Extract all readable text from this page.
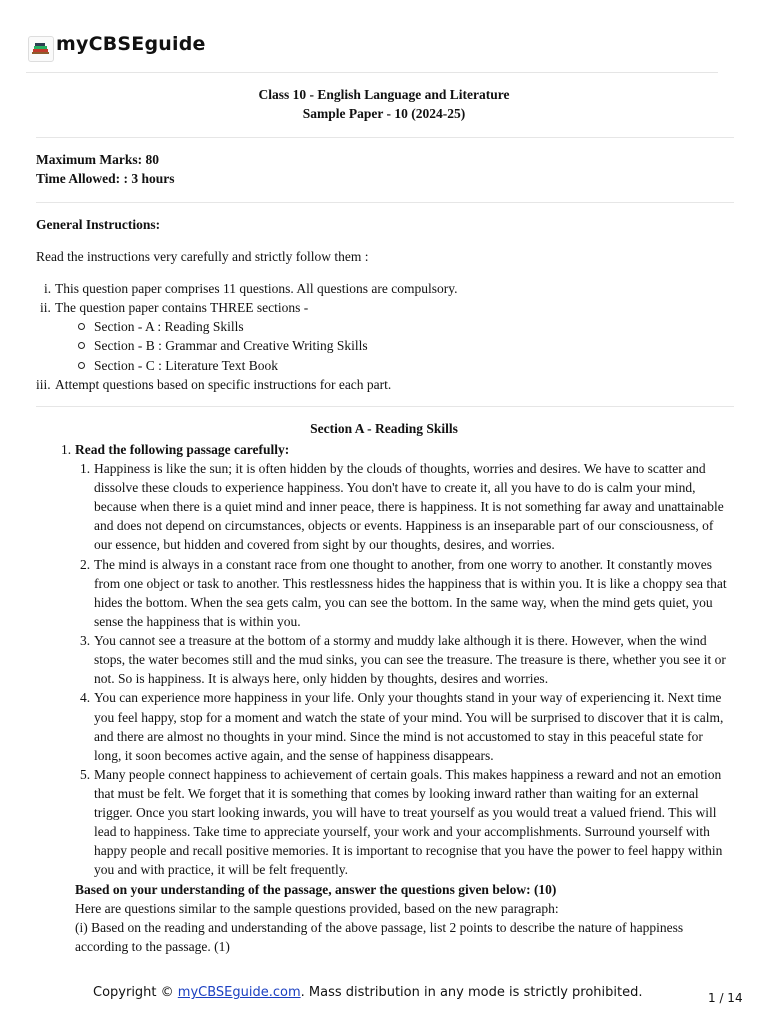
myCBSEguide
Class 10 - English Language and Literature
Sample Paper - 10 (2024-25)
Maximum Marks: 80
Time Allowed: : 3 hours
General Instructions:
Read the instructions very carefully and strictly follow them :
i. This question paper comprises 11 questions. All questions are compulsory.
ii. The question paper contains THREE sections -
Section - A : Reading Skills
Section - B : Grammar and Creative Writing Skills
Section - C : Literature Text Book
iii. Attempt questions based on specific instructions for each part.
Section A - Reading Skills
1. Read the following passage carefully:
1. Happiness is like the sun; it is often hidden by the clouds of thoughts, worries and desires. We have to scatter and
dissolve these clouds to experience happiness. You don't have to create it, all you have to do is calm your mind,
because when there is a quiet mind and inner peace, there is happiness. It is not something far away and unattainable
and does not depend on circumstances, objects or events. Happiness is an inseparable part of our consciousness, of
our essence, but hidden and covered from sight by our thoughts, desires, and worries.
2. The mind is always in a constant race from one thought to another, from one worry to another. It constantly moves
from one object or task to another. This restlessness hides the happiness that is within you. It is like a choppy sea that
hides the bottom. When the sea gets calm, you can see the bottom. In the same way, when the mind gets quiet, you
sense the happiness that is within you.
3. You cannot see a treasure at the bottom of a stormy and muddy lake although it is there. However, when the wind
stops, the water becomes still and the mud sinks, you can see the treasure. The treasure is there, whether you see it or
not. So is happiness. It is always here, only hidden by thoughts, desires and worries.
4. You can experience more happiness in your life. Only your thoughts stand in your way of experiencing it. Next time
you feel happy, stop for a moment and watch the state of your mind. You will be surprised to discover that it is calm,
and there are almost no thoughts in your mind. Since the mind is not accustomed to stay in this peaceful state for
long, it soon becomes active again, and the sense of happiness disappears.
5. Many people connect happiness to achievement of certain goals. This makes happiness a reward and not an emotion
that must be felt. We forget that it is something that comes by looking inward rather than waiting for an external
trigger. Once you start looking inwards, you will have to treat yourself as you would treat a valued friend. This will
lead to happiness. Take time to appreciate yourself, your work and your accomplishments. Surround yourself with
happy people and recall positive memories. It is important to recognise that you have the power to feel happy within
you and with practice, it will be felt frequently.
Based on your understanding of the passage, answer the questions given below: (10)
Here are questions similar to the sample questions provided, based on the new paragraph:
(i) Based on the reading and understanding of the above passage, list 2 points to describe the nature of happiness
according to the passage. (1)
Copyright © myCBSEguide.com. Mass distribution in any mode is strictly prohibited.	1 / 14
